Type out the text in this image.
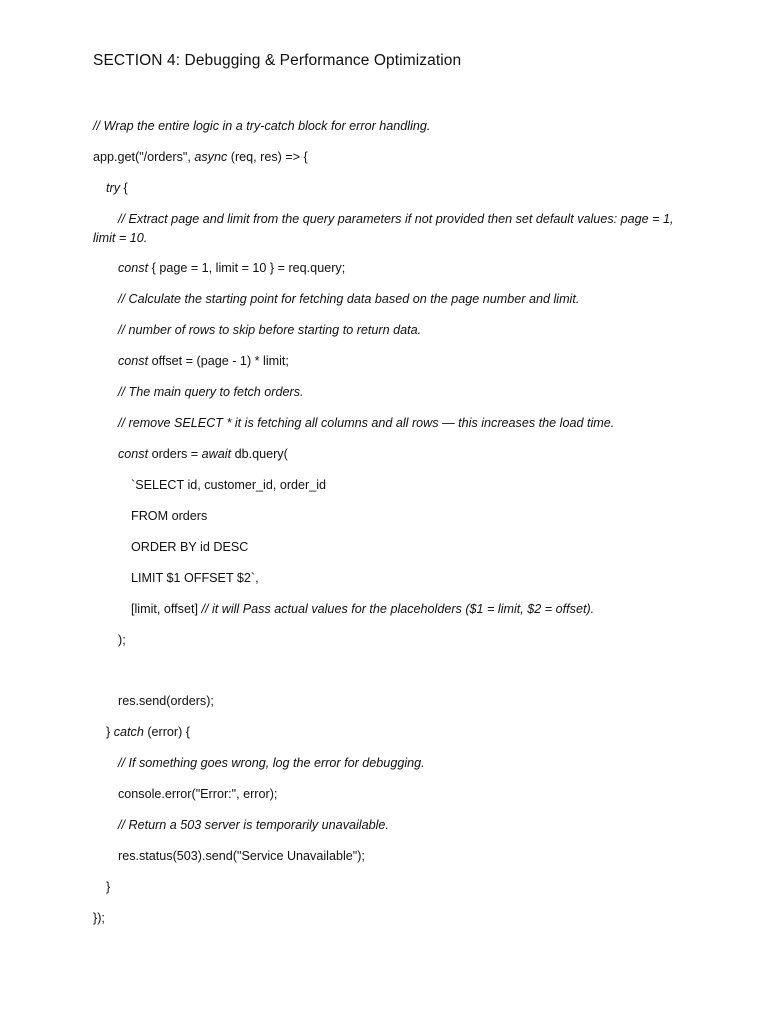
SECTION 4: Debugging & Performance Optimization
// Wrap the entire logic in a try-catch block for error handling.
app.get("/orders", async (req, res) => {
try {
// Extract page and limit from the query parameters if not provided then set default values: page = 1, limit = 10.
const { page = 1, limit = 10 } = req.query;
// Calculate the starting point for fetching data based on the page number and limit.
// number of rows to skip before starting to return data.
const offset = (page - 1) * limit;
// The main query to fetch orders.
// remove SELECT * it is fetching all columns and all rows — this increases the load time.
const orders = await db.query(
`SELECT id, customer_id, order_id
FROM orders
ORDER BY id DESC
LIMIT $1 OFFSET $2`,
[limit, offset] // it will Pass actual values for the placeholders ($1 = limit, $2 = offset).
);
res.send(orders);
} catch (error) {
// If something goes wrong, log the error for debugging.
console.error("Error:", error);
// Return a 503 server is temporarily unavailable.
res.status(503).send("Service Unavailable");
}
});
